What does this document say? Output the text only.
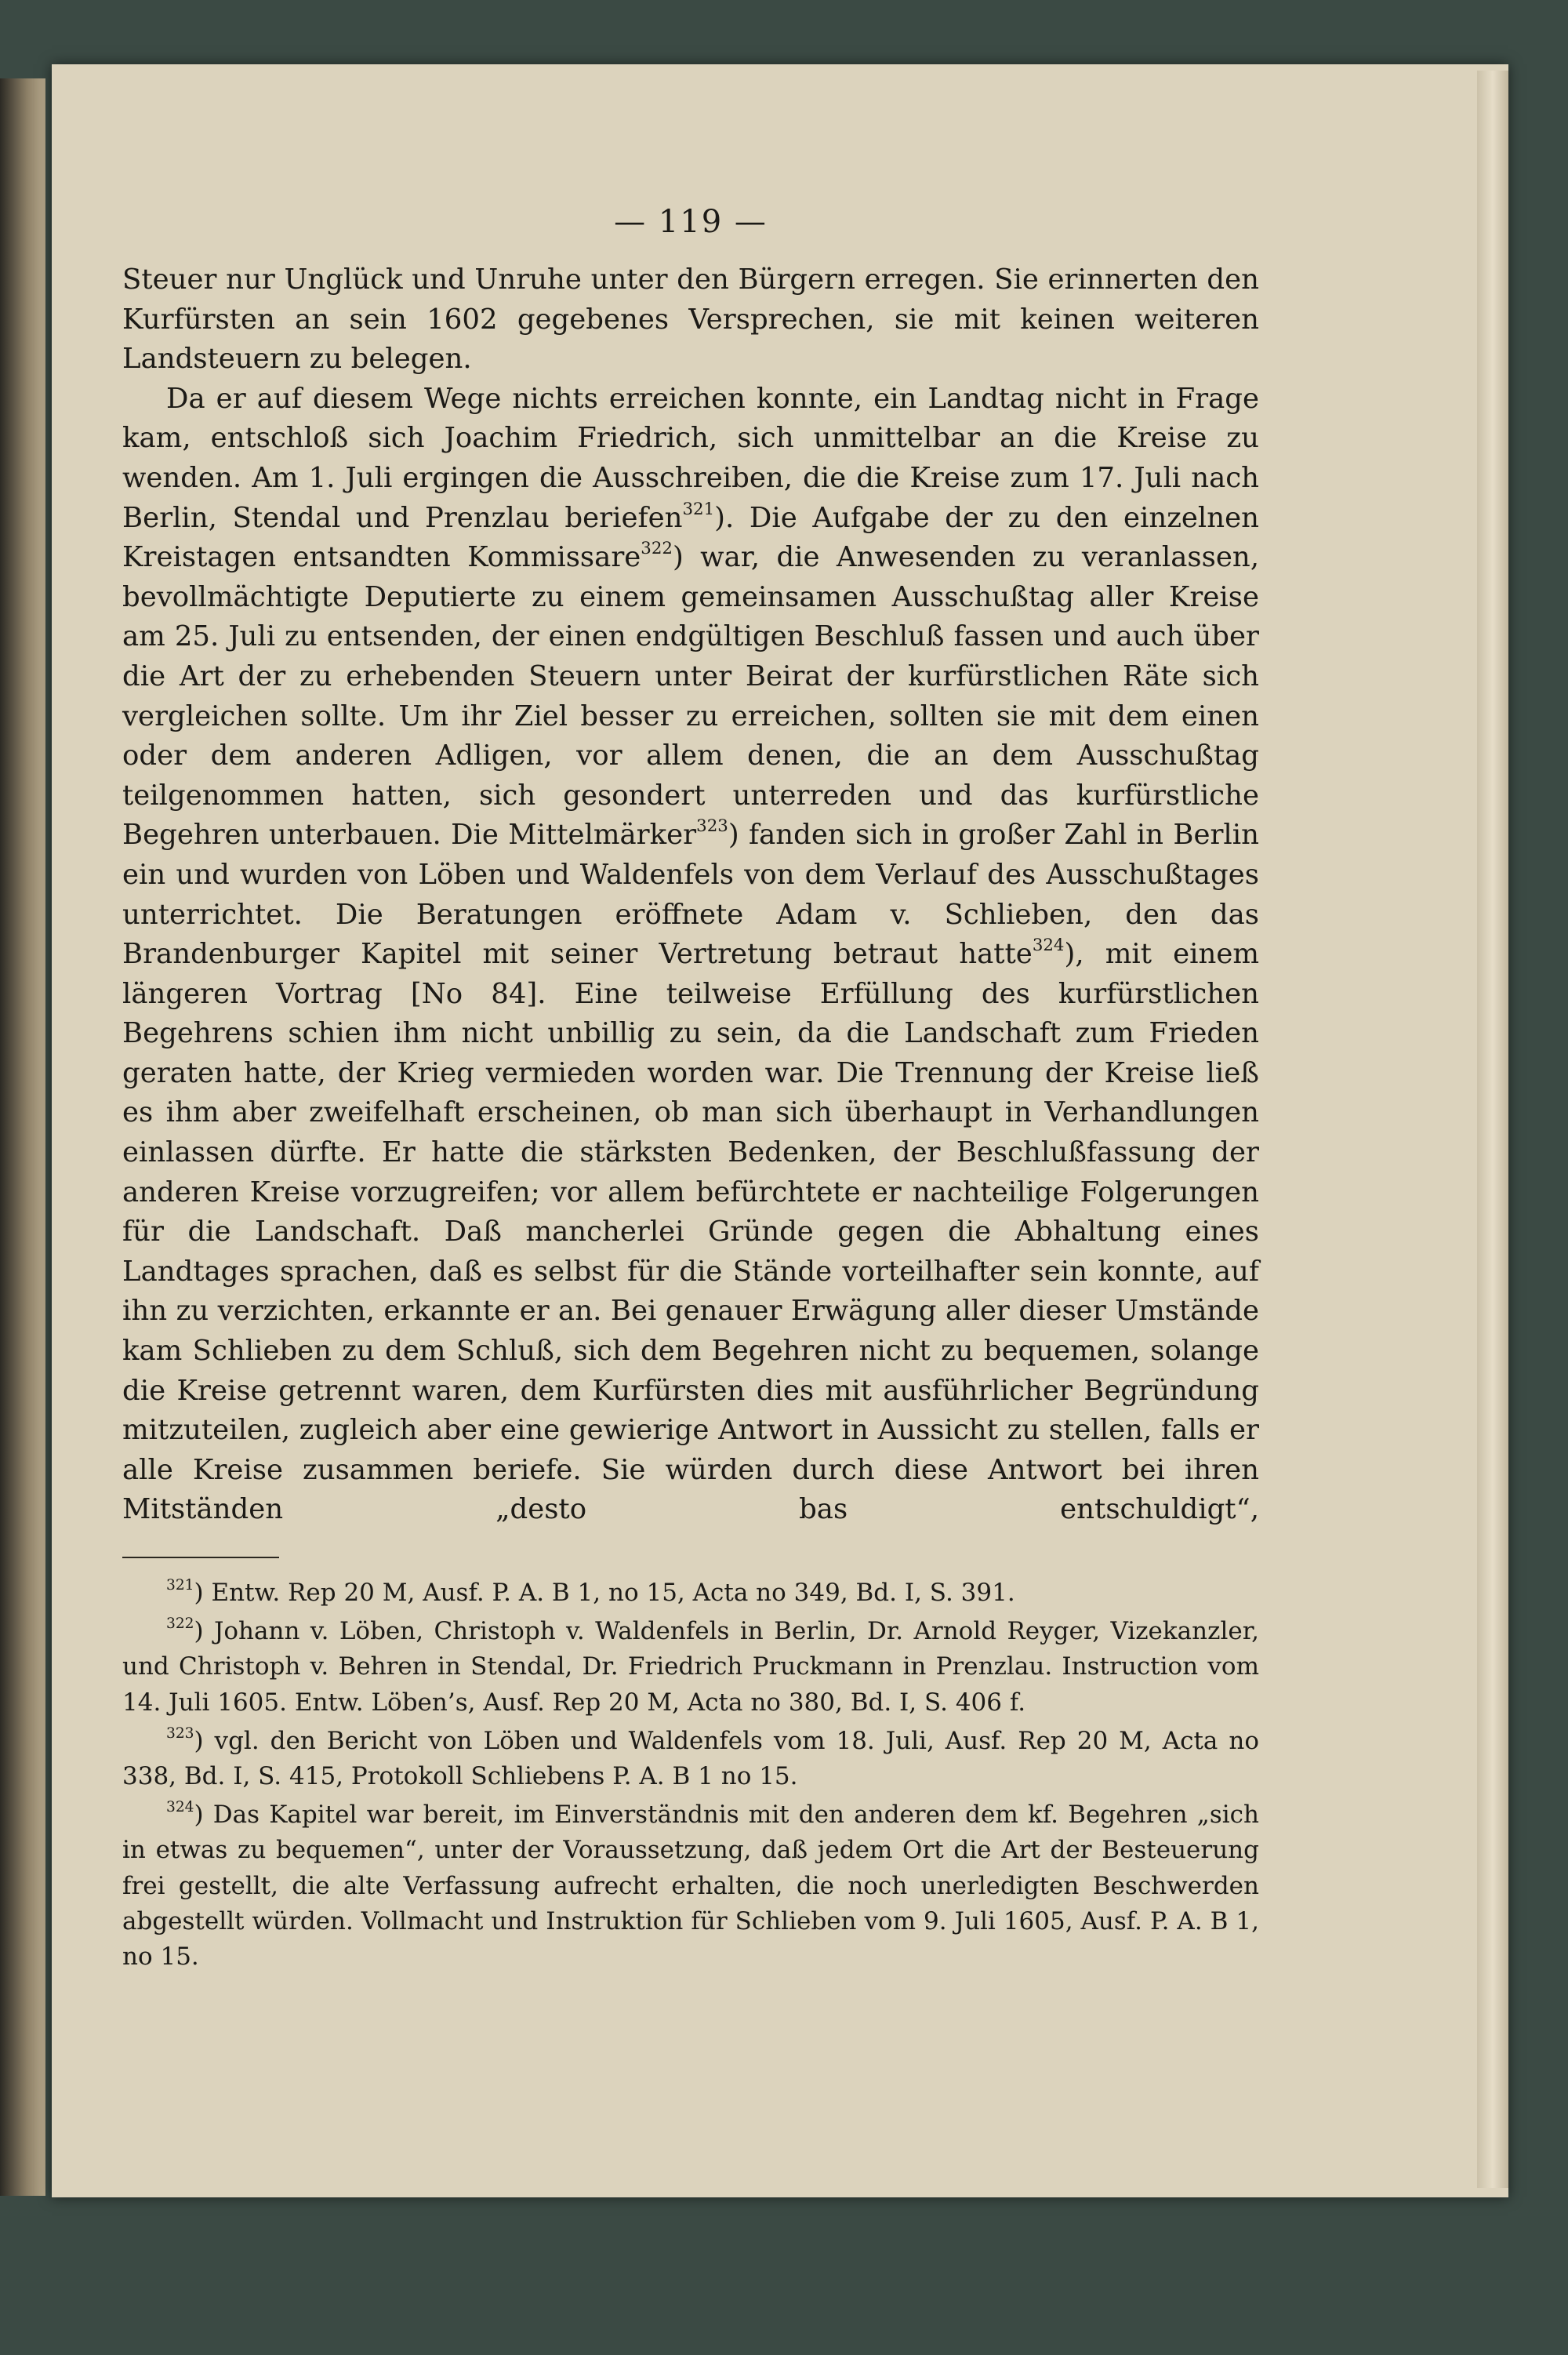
— 119 —

Steuer nur Unglück und Unruhe unter den Bürgern erregen. Sie erinnerten den Kurfürsten an sein 1602 gegebenes Versprechen, sie mit keinen weiteren Landsteuern zu belegen.

Da er auf diesem Wege nichts erreichen konnte, ein Landtag nicht in Frage kam, entschloß sich Joachim Friedrich, sich unmittelbar an die Kreise zu wenden. Am 1. Juli ergingen die Ausschreiben, die die Kreise zum 17. Juli nach Berlin, Stendal und Prenzlau beriefen$^{321}$). Die Aufgabe der zu den einzelnen Kreistagen entsandten Kommissare$^{322}$) war, die Anwesenden zu veranlassen, bevollmächtigte Deputierte zu einem gemeinsamen Ausschußtag aller Kreise am 25. Juli zu entsenden, der einen endgültigen Beschluß fassen und auch über die Art der zu erhebenden Steuern unter Beirat der kurfürstlichen Räte sich vergleichen sollte. Um ihr Ziel besser zu erreichen, sollten sie mit dem einen oder dem anderen Adligen, vor allem denen, die an dem Ausschußtag teilgenommen hatten, sich gesondert unterreden und das kurfürstliche Begehren unterbauen. Die Mittelmärker$^{323}$) fanden sich in großer Zahl in Berlin ein und wurden von Löben und Waldenfels von dem Verlauf des Ausschußtages unterrichtet. Die Beratungen eröffnete Adam v. Schlieben, den das Brandenburger Kapitel mit seiner Vertretung betraut hatte$^{324}$), mit einem längeren Vortrag [No 84]. Eine teilweise Erfüllung des kurfürstlichen Begehrens schien ihm nicht unbillig zu sein, da die Landschaft zum Frieden geraten hatte, der Krieg vermieden worden war. Die Trennung der Kreise ließ es ihm aber zweifelhaft erscheinen, ob man sich überhaupt in Verhandlungen einlassen dürfte. Er hatte die stärksten Bedenken, der Beschlußfassung der anderen Kreise vorzugreifen; vor allem befürchtete er nachteilige Folgerungen für die Landschaft. Daß mancherlei Gründe gegen die Abhaltung eines Landtages sprachen, daß es selbst für die Stände vorteilhafter sein konnte, auf ihn zu verzichten, erkannte er an. Bei genauer Erwägung aller dieser Umstände kam Schlieben zu dem Schluß, sich dem Begehren nicht zu bequemen, solange die Kreise getrennt waren, dem Kurfürsten dies mit ausführlicher Begründung mitzuteilen, zugleich aber eine gewierige Antwort in Aussicht zu stellen, falls er alle Kreise zusammen beriefe. Sie würden durch diese Antwort bei ihren Mitständen „desto bas entschuldigt“,

$^{321}$) Entw. Rep 20 M, Ausf. P. A. B 1, no 15, Acta no 349, Bd. I, S. 391.

$^{322}$) Johann v. Löben, Christoph v. Waldenfels in Berlin, Dr. Arnold Reyger, Vizekanzler, und Christoph v. Behren in Stendal, Dr. Friedrich Pruckmann in Prenzlau. Instruction vom 14. Juli 1605. Entw. Löben’s, Ausf. Rep 20 M, Acta no 380, Bd. I, S. 406 f.

$^{323}$) vgl. den Bericht von Löben und Waldenfels vom 18. Juli, Ausf. Rep 20 M, Acta no 338, Bd. I, S. 415, Protokoll Schliebens P. A. B 1 no 15.

$^{324}$) Das Kapitel war bereit, im Einverständnis mit den anderen dem kf. Begehren „sich in etwas zu bequemen“, unter der Voraussetzung, daß jedem Ort die Art der Besteuerung frei gestellt, die alte Verfassung aufrecht erhalten, die noch unerledigten Beschwerden abgestellt würden. Vollmacht und Instruktion für Schlieben vom 9. Juli 1605, Ausf. P. A. B 1, no 15.
